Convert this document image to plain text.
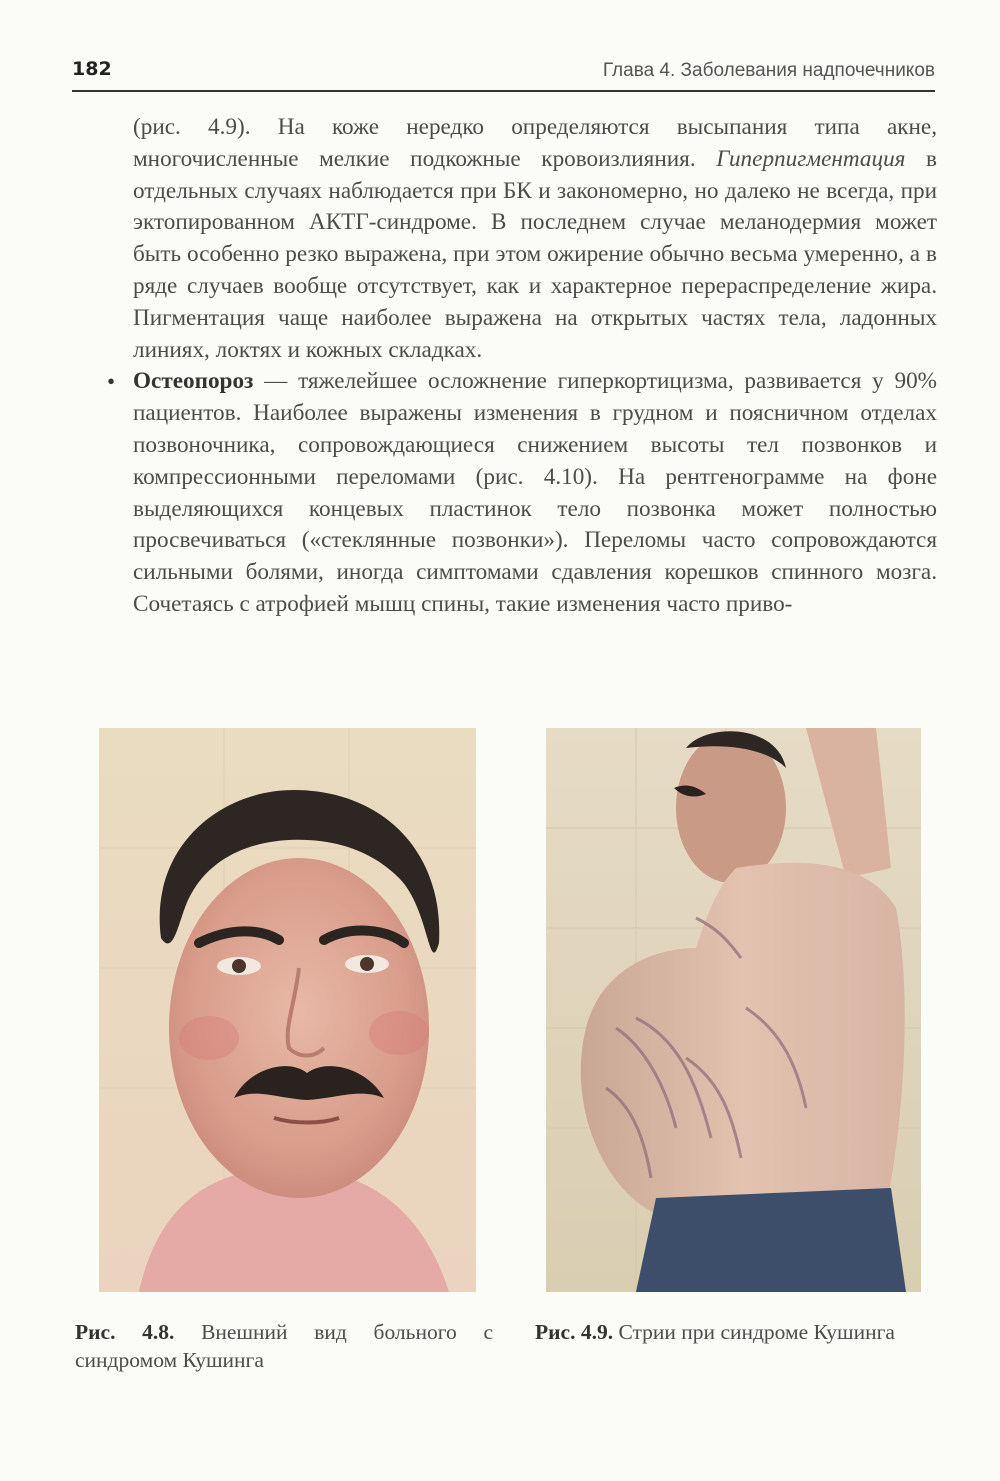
182	Глава 4. Заболевания надпочечников

(рис. 4.9). На коже нередко определяются высыпания типа акне, многочисленные мелкие подкожные кровоизлияния. Гиперпигментация в отдельных случаях наблюдается при БК и закономерно, но далеко не всегда, при эктопированном АКТГ-синдроме. В последнем случае меланодермия может быть особенно резко выражена, при этом ожирение обычно весьма умеренно, а в ряде случаев вообще отсутствует, как и характерное перераспределение жира. Пигментация чаще наиболее выражена на открытых частях тела, ладонных линиях, локтях и кожных складках.

• Остеопороз — тяжелейшее осложнение гиперкортицизма, развивается у 90% пациентов. Наиболее выражены изменения в грудном и поясничном отделах позвоночника, сопровождающиеся снижением высоты тел позвонков и компрессионными переломами (рис. 4.10). На рентгенограмме на фоне выделяющихся концевых пластинок тело позвонка может полностью просвечиваться («стеклянные позвонки»). Переломы часто сопровождаются сильными болями, иногда симптомами сдавления корешков спинного мозга. Сочетаясь с атрофией мышц спины, такие изменения часто приво-

Рис. 4.8. Внешний вид больного с синдромом Кушинга
Рис. 4.9. Стрии при синдроме Кушинга
